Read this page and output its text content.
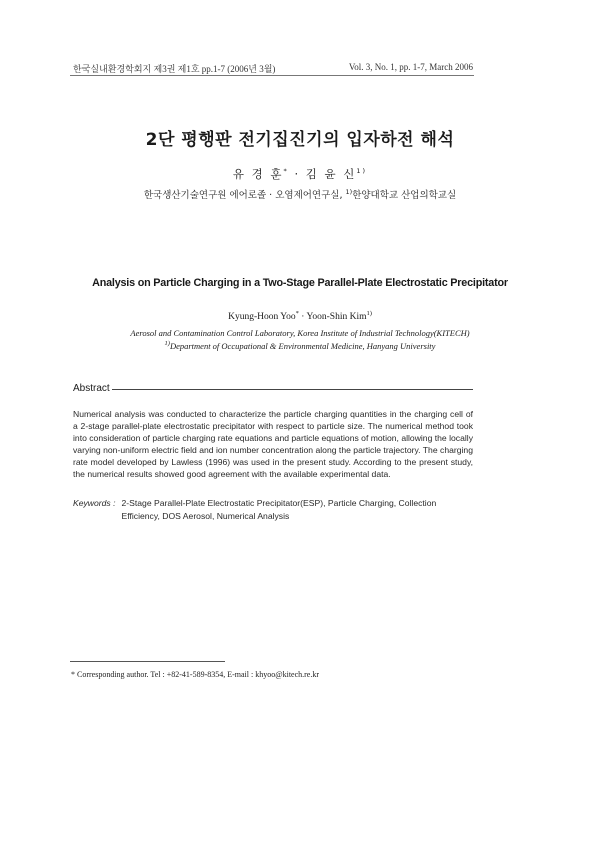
한국실내환경학회지 제3권 제1호 pp.1-7 (2006년 3월)	Vol. 3, No. 1, pp. 1-7, March 2006
2단 평행판 전기집진기의 입자하전 해석
유 경 훈* · 김 윤 신$^{1)}$
한국생산기술연구원 에어로졸 · 오염제어연구실, $^{1)}$한양대학교 산업의학교실
Analysis on Particle Charging in a Two-Stage Parallel-Plate Electrostatic Precipitator
Kyung-Hoon Yoo* · Yoon-Shin Kim$^{1)}$
Aerosol and Contamination Control Laboratory, Korea Institute of Industrial Technology(KITECH)
$^{1)}$Department of Occupational & Environmental Medicine, Hanyang University
Abstract
Numerical analysis was conducted to characterize the particle charging quantities in the charging cell of a 2-stage parallel-plate electrostatic precipitator with respect to particle size. The numerical method took into consideration of particle charging rate equations and particle equations of motion, allowing the locally varying non-uniform electric field and ion number concentration along the particle trajectory. The charging rate model developed by Lawless (1996) was used in the present study. According to the present study, the numerical results showed good agreement with the available experimental data.
Keywords : 2-Stage Parallel-Plate Electrostatic Precipitator(ESP), Particle Charging, Collection Efficiency, DOS Aerosol, Numerical Analysis
* Corresponding author. Tel : +82-41-589-8354, E-mail : khyoo@kitech.re.kr
